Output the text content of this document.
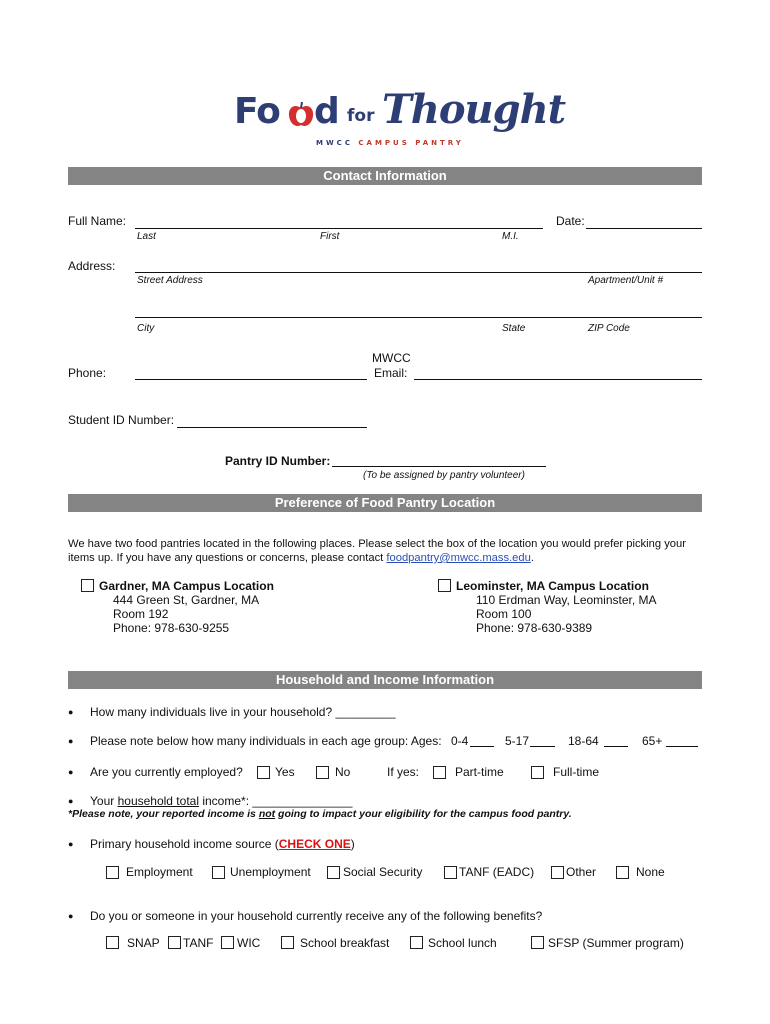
Fo d for Thought
MWCC CAMPUS PANTRY
Contact Information
Full Name:	Date:
Last	First	M.I.
Address:
Street Address	Apartment/Unit #
City	State	ZIP Code
Phone:
MWCC
Email:
Student ID Number:
Pantry ID Number:
(To be assigned by pantry volunteer)
Preference of Food Pantry Location
We have two food pantries located in the following places. Please select the box of the location you would prefer picking your
items up. If you have any questions or concerns, please contact foodpantry@mwcc.mass.edu.
Gardner, MA Campus Location
444 Green St, Gardner, MA
Room 192
Phone: 978-630-9255
Leominster, MA Campus Location
110 Erdman Way, Leominster, MA
Room 100
Phone: 978-630-9389
Household and Income Information
● How many individuals live in your household? _________
● Please note below how many individuals in each age group: Ages: 0-4	5-17	18-64	65+
● Are you currently employed?	Yes	No	If yes:	Part-time	Full-time
● Your household total income*: _______________
*Please note, your reported income is not going to impact your eligibility for the campus food pantry.
● Primary household income source (CHECK ONE)
Employment	Unemployment	Social Security	TANF (EADC)	Other	None
● Do you or someone in your household currently receive any of the following benefits?
SNAP TANF WIC	School breakfast	School lunch	SFSP (Summer program)
